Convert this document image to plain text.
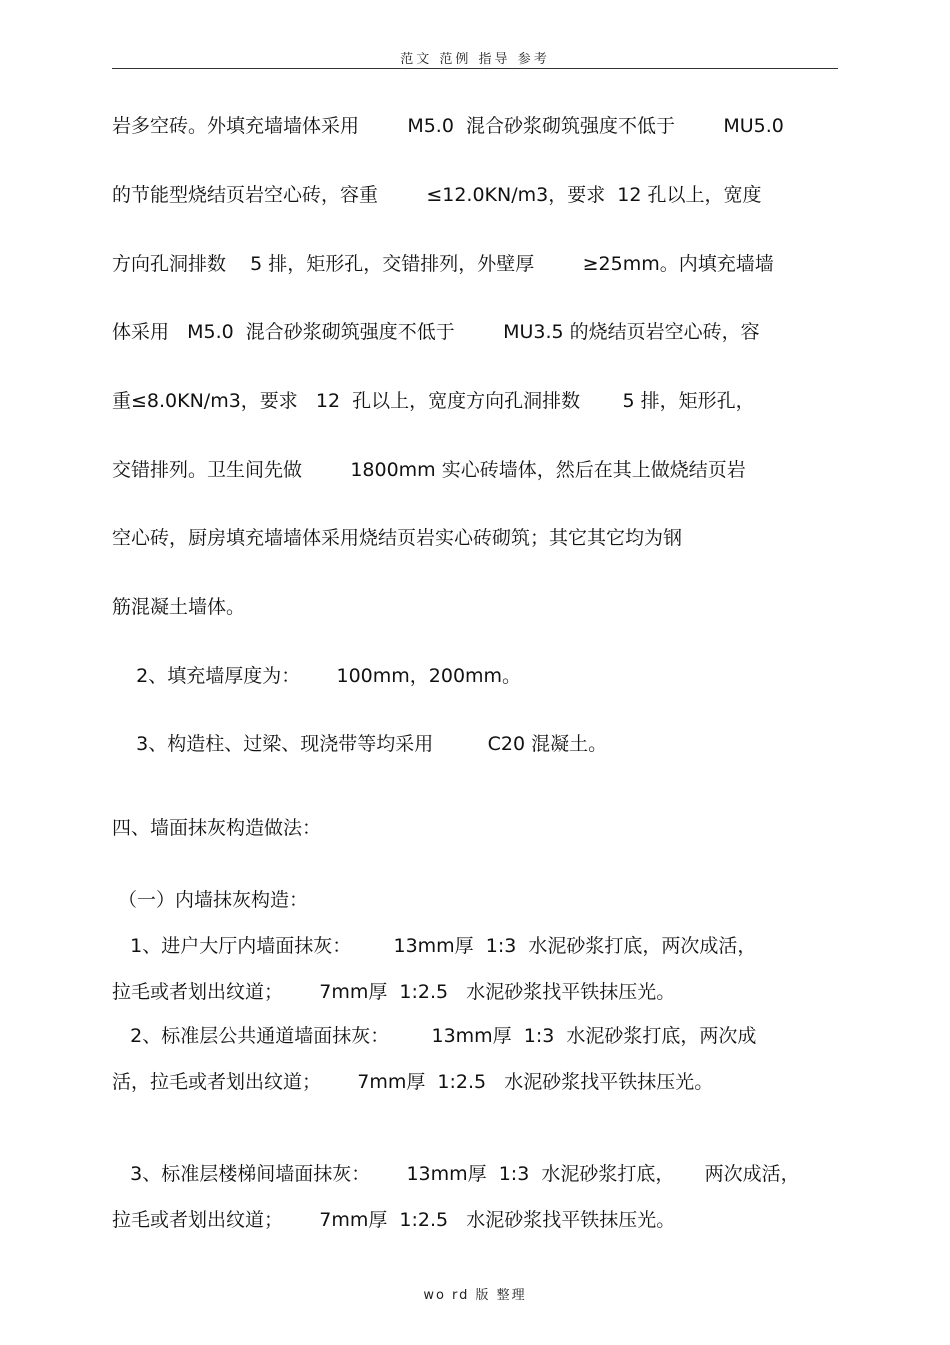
范文 范例 指导 参考
岩多空砖。外填充墙墙体采用        M5.0  混合砂浆砌筑强度不低于        MU5.0
的节能型烧结页岩空心砖，容重        ≤12.0KN/m3，要求  12 孔以上，宽度
方向孔洞排数    5 排，矩形孔，交错排列，外壁厚        ≥25mm。内填充墙墙
体采用   M5.0  混合砂浆砌筑强度不低于        MU3.5 的烧结页岩空心砖，容
重≤8.0KN/m3，要求   12  孔以上，宽度方向孔洞排数       5 排，矩形孔，
交错排列。卫生间先做        1800mm 实心砖墙体，然后在其上做烧结页岩
空心砖，厨房填充墙墙体采用烧结页岩实心砖砌筑；其它其它均为钢
筋混凝土墙体。
2、填充墙厚度为：      100mm，200mm。
3、构造柱、过梁、现浇带等均采用         C20 混凝土。
四、墙面抹灰构造做法：
（一）内墙抹灰构造：
1、进户大厅内墙面抹灰：       13mm厚  1:3  水泥砂浆打底，两次成活，
拉毛或者划出纹道；      7mm厚  1:2.5   水泥砂浆找平铁抹压光。
2、标准层公共通道墙面抹灰：       13mm厚  1:3  水泥砂浆打底，两次成
活，拉毛或者划出纹道；      7mm厚  1:2.5   水泥砂浆找平铁抹压光。
3、标准层楼梯间墙面抹灰：      13mm厚  1:3  水泥砂浆打底，     两次成活，
拉毛或者划出纹道；      7mm厚  1:2.5   水泥砂浆找平铁抹压光。
wo rd 版 整理
